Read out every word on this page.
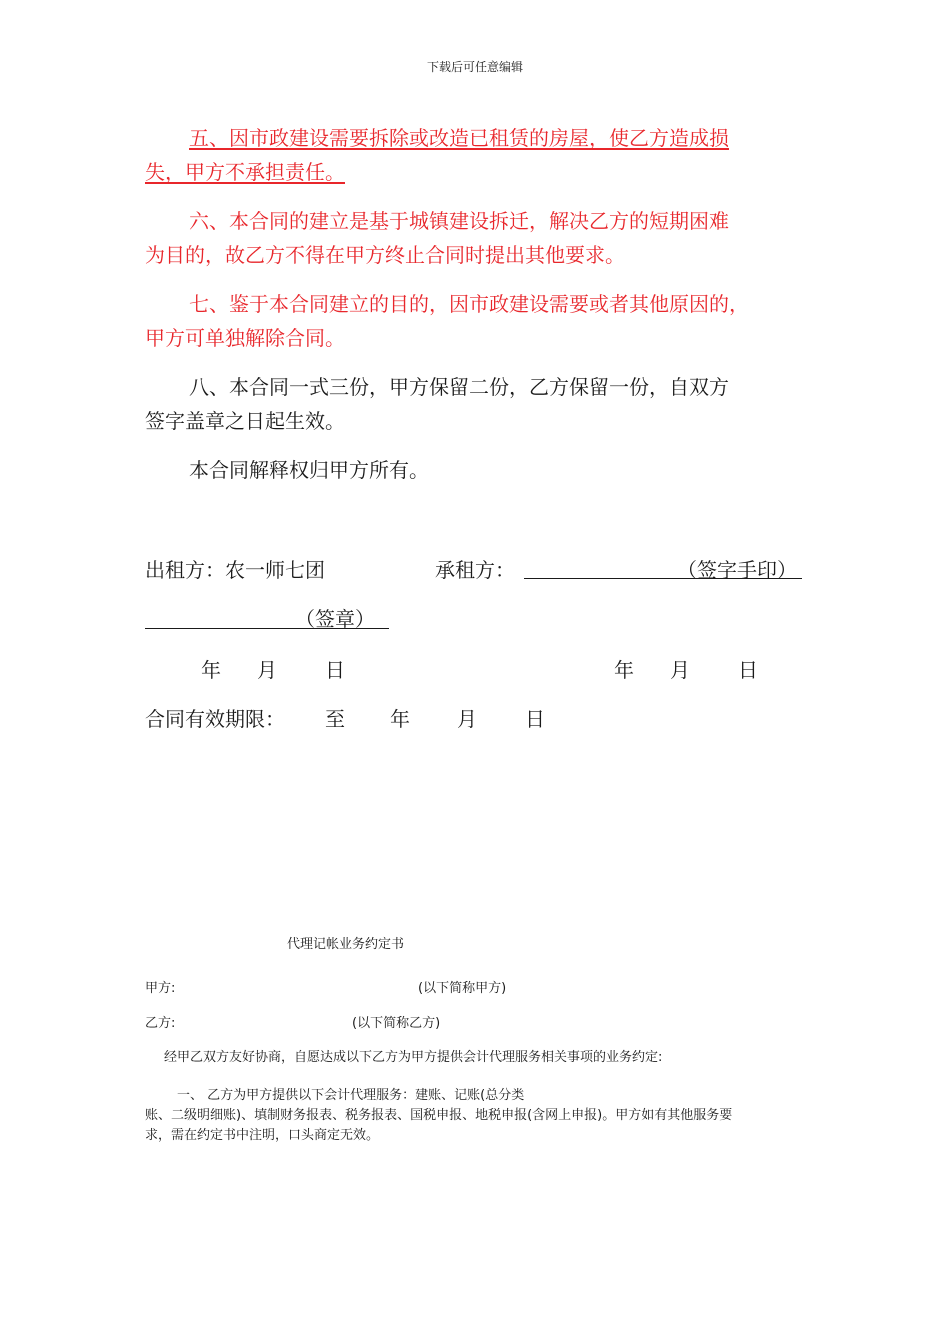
下载后可任意编辑
五、因市政建设需要拆除或改造已租赁的房屋，使乙方造成损
失，甲方不承担责任。
六、本合同的建立是基于城镇建设拆迁，解决乙方的短期困难
为目的，故乙方不得在甲方终止合同时提出其他要求。
七、鉴于本合同建立的目的，因市政建设需要或者其他原因的，
甲方可单独解除合同。
八、本合同一式三份，甲方保留二份，乙方保留一份，自双方
签字盖章之日起生效。
本合同解释权归甲方所有。
出租方：农一师七团	承租方：	（签字手印）
（签章）
年 月 日	年 月 日
合同有效期限： 至 年 月 日
代理记帐业务约定书
甲方:	(以下简称甲方)
乙方:	(以下简称乙方)
经甲乙双方友好协商，自愿达成以下乙方为甲方提供会计代理服务相关事项的业务约定:
一、 乙方为甲方提供以下会计代理服务：建账、记账(总分类
账、二级明细账)、填制财务报表、税务报表、国税申报、地税申报(含网上申报)。甲方如有其他服务要
求，需在约定书中注明，口头商定无效。
